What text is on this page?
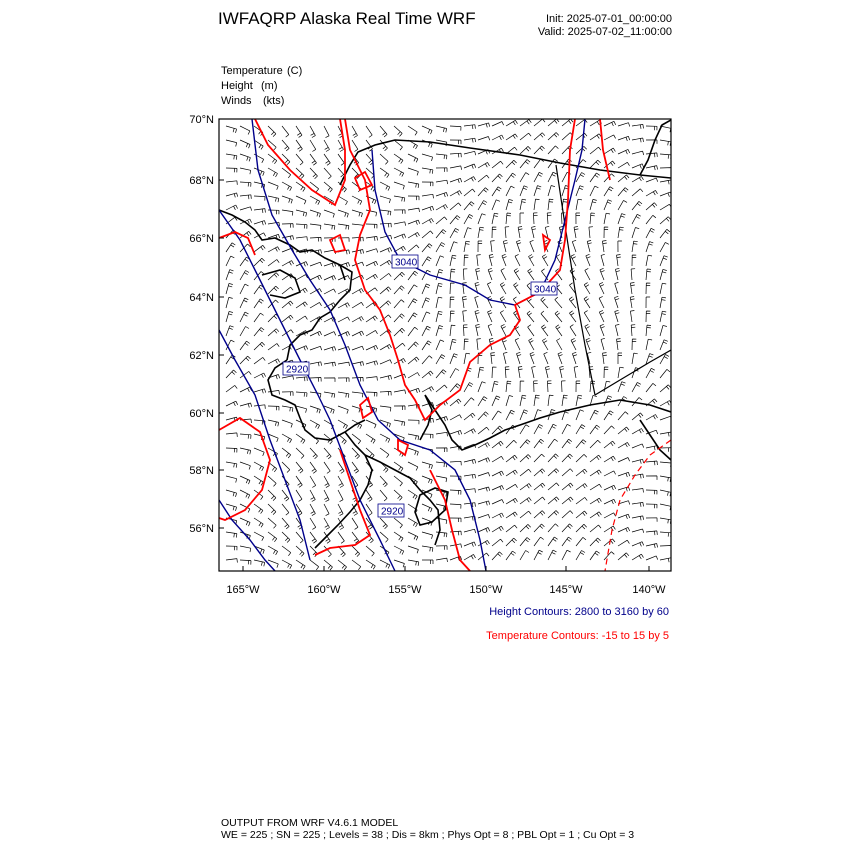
IWFAQRP Alaska Real Time WRF	Init: 2025-07-01_00:00:00
Valid: 2025-07-02_11:00:00
Temperature (C)
Height (m)
Winds (kts)
3040
3040
2920
2920
70°N
68°N
66°N
64°N
62°N
60°N
58°N
56°N
165°W	160°W	155°W	150°W	145°W	140°W
Height Contours: 2800 to 3160 by 60
Temperature Contours: -15 to 15 by 5
OUTPUT FROM WRF V4.6.1 MODEL
WE = 225 ; SN = 225 ; Levels = 38 ; Dis = 8km ; Phys Opt = 8 ; PBL Opt = 1 ; Cu Opt = 3
